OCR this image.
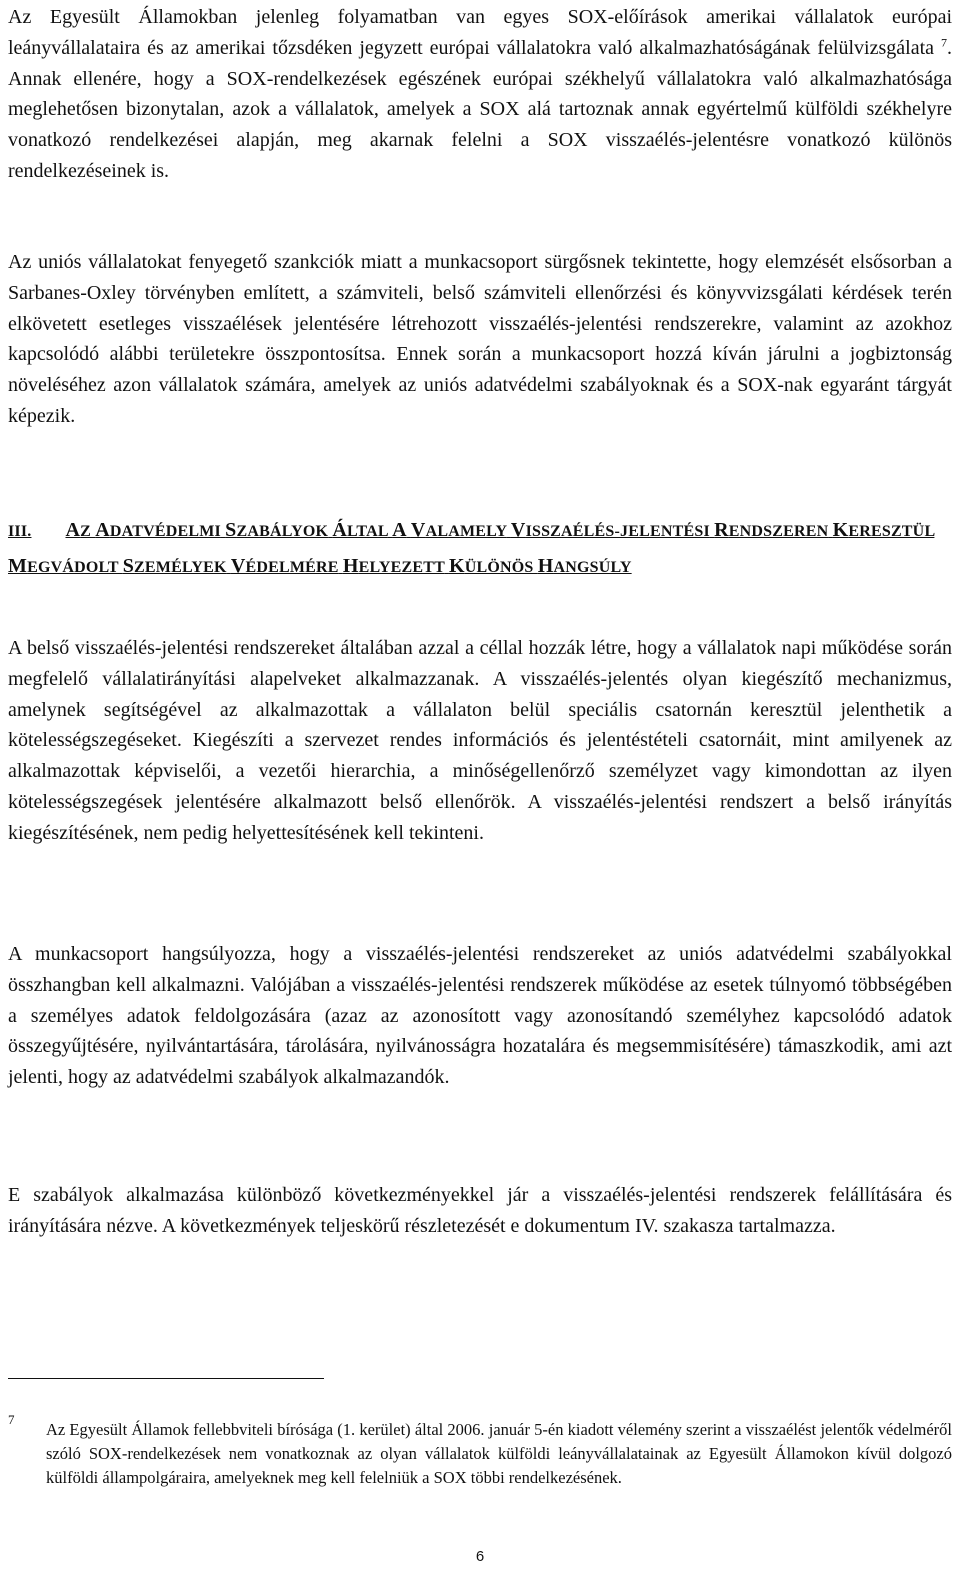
Az Egyesült Államokban jelenleg folyamatban van egyes SOX-előírások amerikai vállalatok európai leányvállalataira és az amerikai tőzsdéken jegyzett európai vállalatokra való alkalmazhatóságának felülvizsgálata $^7$. Annak ellenére, hogy a SOX-rendelkezések egészének európai székhelyű vállalatokra való alkalmazhatósága meglehetősen bizonytalan, azok a vállalatok, amelyek a SOX alá tartoznak annak egyértelmű külföldi székhelyre vonatkozó rendelkezései alapján, meg akarnak felelni a SOX visszaélés-jelentésre vonatkozó különös rendelkezéseinek is.

Az uniós vállalatokat fenyegető szankciók miatt a munkacsoport sürgősnek tekintette, hogy elemzését elsősorban a Sarbanes-Oxley törvényben említett, a számviteli, belső számviteli ellenőrzési és könyvvizsgálati kérdések terén elkövetett esetleges visszaélések jelentésére létrehozott visszaélés-jelentési rendszerekre, valamint az azokhoz kapcsolódó alábbi területekre összpontosítsa. Ennek során a munkacsoport hozzá kíván járulni a jogbiztonság növeléséhez azon vállalatok számára, amelyek az uniós adatvédelmi szabályoknak és a SOX-nak egyaránt tárgyát képezik.

III. AZ ADATVÉDELMI SZABÁLYOK ÁLTAL A VALAMELY VISSZAÉLÉS-JELENTÉSI RENDSZEREN KERESZTÜL MEGVÁDOLT SZEMÉLYEK VÉDELMÉRE HELYEZETT KÜLÖNÖS HANGSÚLY

A belső visszaélés-jelentési rendszereket általában azzal a céllal hozzák létre, hogy a vállalatok napi működése során megfelelő vállalatirányítási alapelveket alkalmazzanak. A visszaélés-jelentés olyan kiegészítő mechanizmus, amelynek segítségével az alkalmazottak a vállalaton belül speciális csatornán keresztül jelenthetik a kötelességszegéseket. Kiegészíti a szervezet rendes információs és jelentéstételi csatornáit, mint amilyenek az alkalmazottak képviselői, a vezetői hierarchia, a minőségellenőrző személyzet vagy kimondottan az ilyen kötelességszegések jelentésére alkalmazott belső ellenőrök. A visszaélés-jelentési rendszert a belső irányítás kiegészítésének, nem pedig helyettesítésének kell tekinteni.

A munkacsoport hangsúlyozza, hogy a visszaélés-jelentési rendszereket az uniós adatvédelmi szabályokkal összhangban kell alkalmazni. Valójában a visszaélés-jelentési rendszerek működése az esetek túlnyomó többségében a személyes adatok feldolgozására (azaz az azonosított vagy azonosítandó személyhez kapcsolódó adatok összegyűjtésére, nyilvántartására, tárolására, nyilvánosságra hozatalára és megsemmisítésére) támaszkodik, ami azt jelenti, hogy az adatvédelmi szabályok alkalmazandók.

E szabályok alkalmazása különböző következményekkel jár a visszaélés-jelentési rendszerek felállítására és irányítására nézve. A következmények teljeskörű részletezését e dokumentum IV. szakasza tartalmazza.

7
Az Egyesült Államok fellebbviteli bírósága (1. kerület) által 2006. január 5-én kiadott vélemény szerint a visszaélést jelentők védelméről szóló SOX-rendelkezések nem vonatkoznak az olyan vállalatok külföldi leányvállalatainak az Egyesült Államokon kívül dolgozó külföldi állampolgáraira, amelyeknek meg kell felelniük a SOX többi rendelkezésének.
6
